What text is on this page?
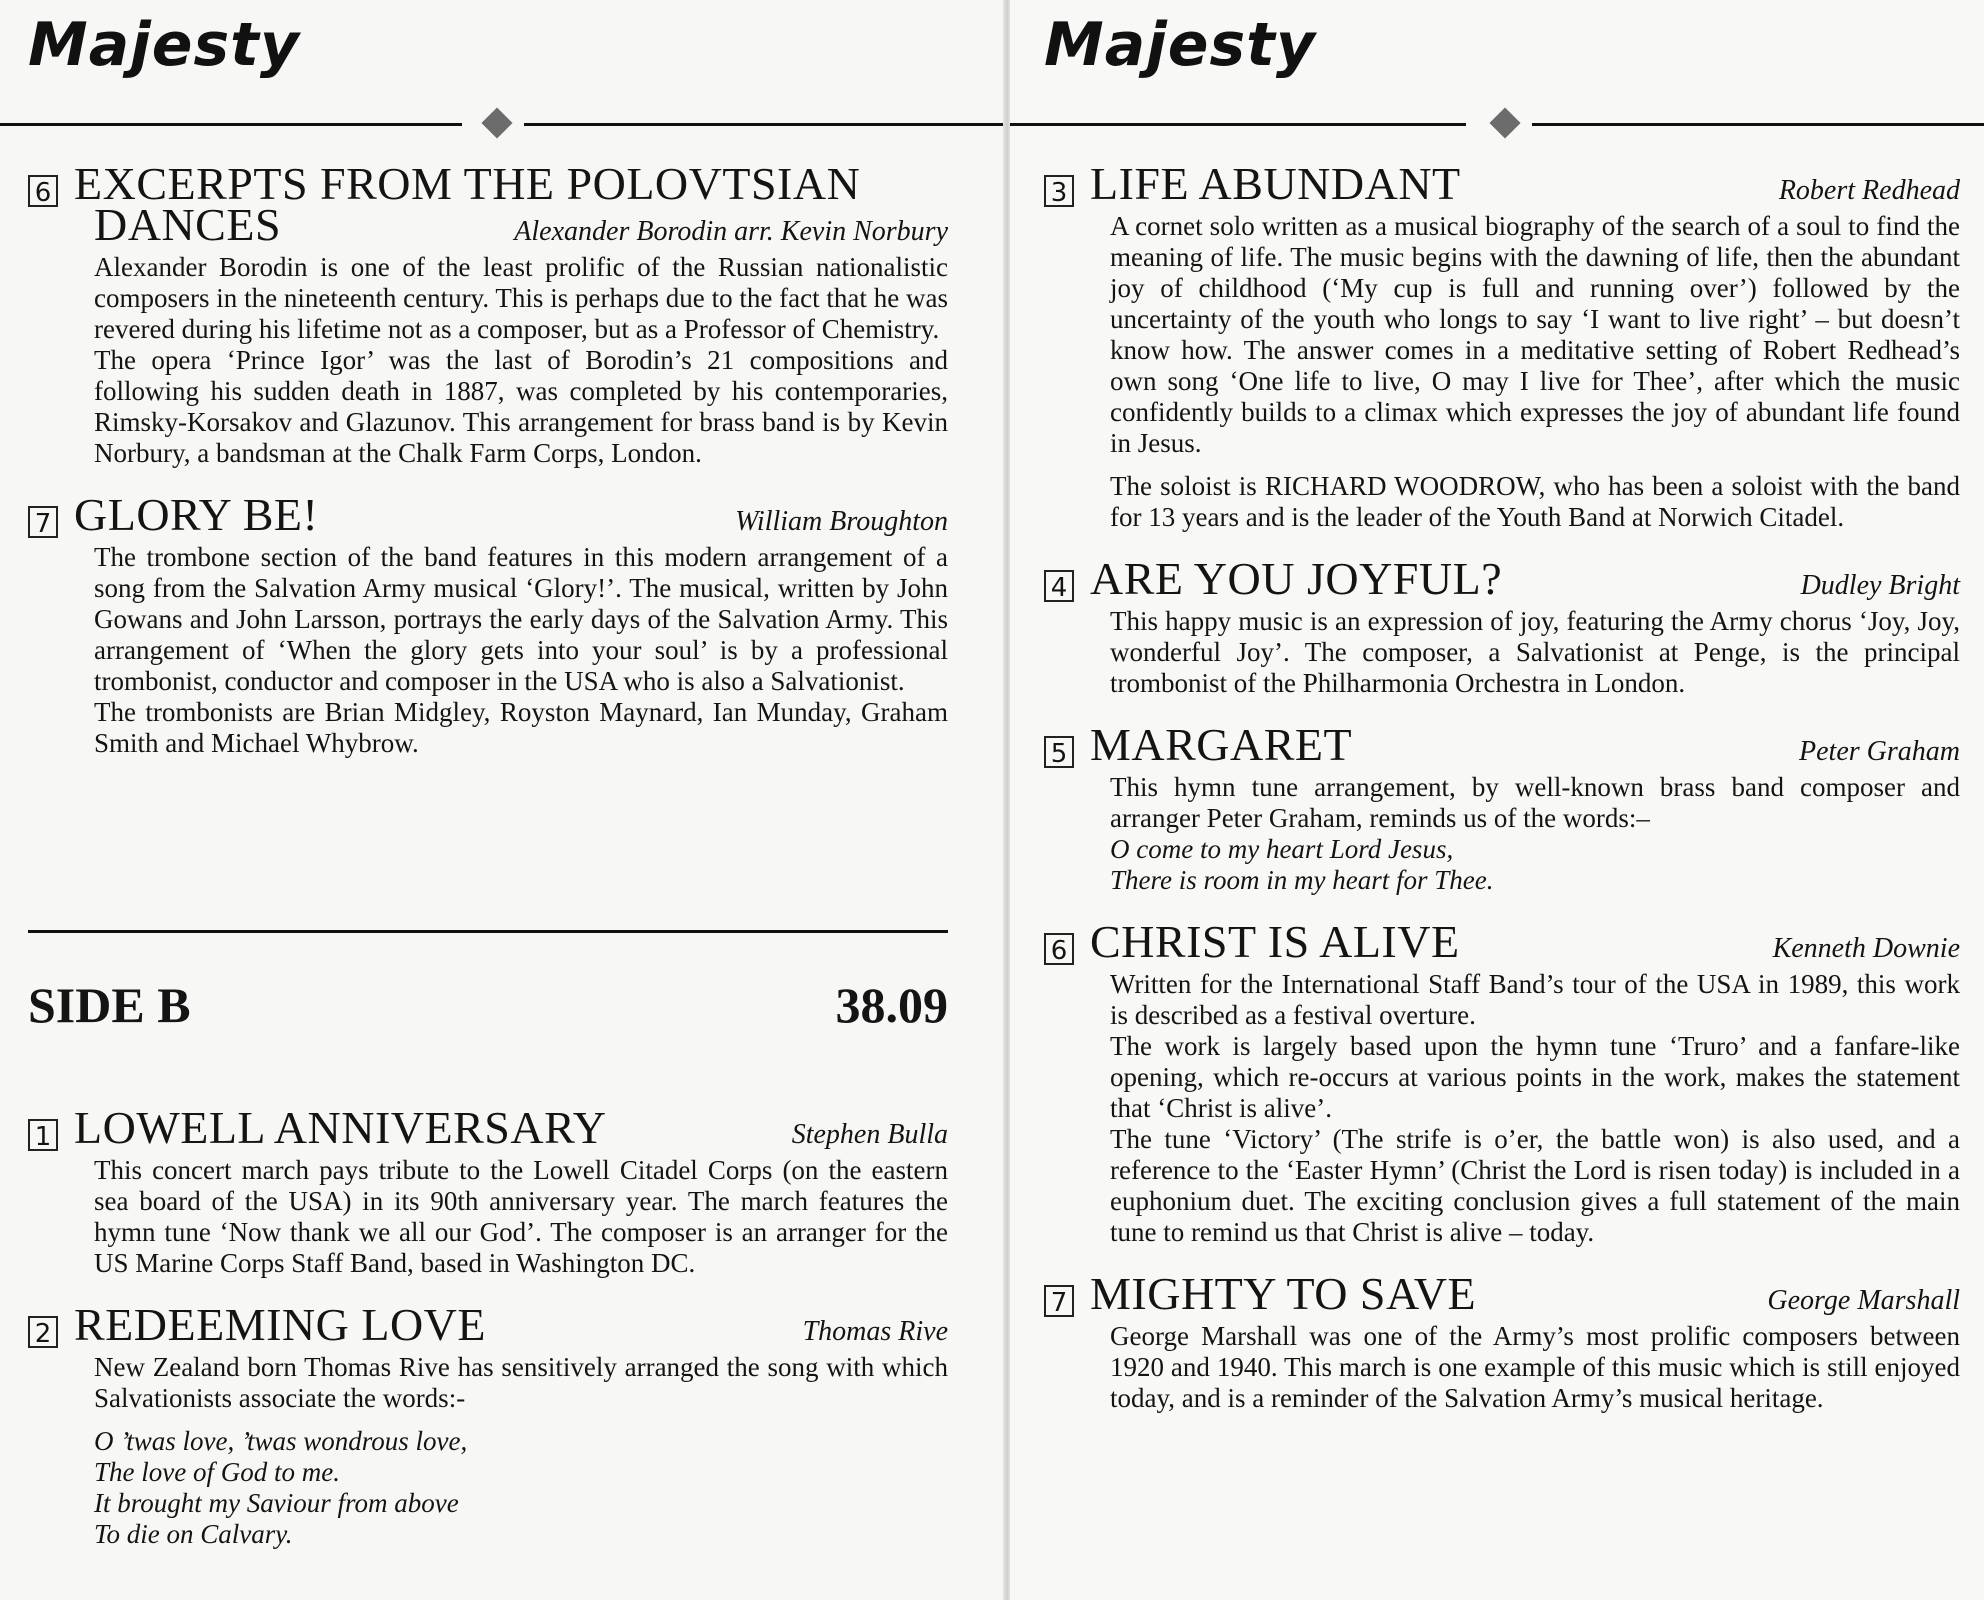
Majesty
6 EXCERPTS FROM THE POLOVTSIAN
DANCES	Alexander Borodin arr. Kevin Norbury

Alexander Borodin is one of the least prolific of the Russian nationalistic composers in the nineteenth century. This is perhaps due to the fact that he was revered during his lifetime not as a composer, but as a Professor of Chemistry.

The opera ‘Prince Igor’ was the last of Borodin’s 21 compositions and following his sudden death in 1887, was completed by his contemporaries, Rimsky-Korsakov and Glazunov. This arrangement for brass band is by Kevin Norbury, a bandsman at the Chalk Farm Corps, London.

7 GLORY BE!	William Broughton

The trombone section of the band features in this modern arrangement of a song from the Salvation Army musical ‘Glory!’. The musical, written by John Gowans and John Larsson, portrays the early days of the Salvation Army. This arrangement of ‘When the glory gets into your soul’ is by a professional trombonist, conductor and composer in the USA who is also a Salvationist.

The trombonists are Brian Midgley, Royston Maynard, Ian Munday, Graham Smith and Michael Whybrow.

SIDE B	38.09
1 LOWELL ANNIVERSARY	Stephen Bulla

This concert march pays tribute to the Lowell Citadel Corps (on the eastern sea board of the USA) in its 90th anniversary year. The march features the hymn tune ‘Now thank we all our God’. The composer is an arranger for the US Marine Corps Staff Band, based in Washington DC.

2 REDEEMING LOVE	Thomas Rive

New Zealand born Thomas Rive has sensitively arranged the song with which Salvationists associate the words:-

O ’twas love, ’twas wondrous love,
The love of God to me.
It brought my Saviour from above
To die on Calvary.
Majesty
3 LIFE ABUNDANT	Robert Redhead

A cornet solo written as a musical biography of the search of a soul to find the meaning of life. The music begins with the dawning of life, then the abundant joy of childhood (‘My cup is full and running over’) followed by the uncertainty of the youth who longs to say ‘I want to live right’ – but doesn’t know how. The answer comes in a meditative setting of Robert Redhead’s own song ‘One life to live, O may I live for Thee’, after which the music confidently builds to a climax which expresses the joy of abundant life found in Jesus.

The soloist is RICHARD WOODROW, who has been a soloist with the band for 13 years and is the leader of the Youth Band at Norwich Citadel.

4 ARE YOU JOYFUL?	Dudley Bright

This happy music is an expression of joy, featuring the Army chorus ‘Joy, Joy, wonderful Joy’. The composer, a Salvationist at Penge, is the principal trombonist of the Philharmonia Orchestra in London.

5 MARGARET	Peter Graham

This hymn tune arrangement, by well-known brass band composer and arranger Peter Graham, reminds us of the words:–

O come to my heart Lord Jesus,
There is room in my heart for Thee.
6 CHRIST IS ALIVE	Kenneth Downie

Written for the International Staff Band’s tour of the USA in 1989, this work is described as a festival overture.

The work is largely based upon the hymn tune ‘Truro’ and a fanfare-like opening, which re-occurs at various points in the work, makes the statement that ‘Christ is alive’.

The tune ‘Victory’ (The strife is o’er, the battle won) is also used, and a reference to the ‘Easter Hymn’ (Christ the Lord is risen today) is included in a euphonium duet. The exciting conclusion gives a full statement of the main tune to remind us that Christ is alive – today.

7 MIGHTY TO SAVE	George Marshall

George Marshall was one of the Army’s most prolific composers between 1920 and 1940. This march is one example of this music which is still enjoyed today, and is a reminder of the Salvation Army’s musical heritage.
